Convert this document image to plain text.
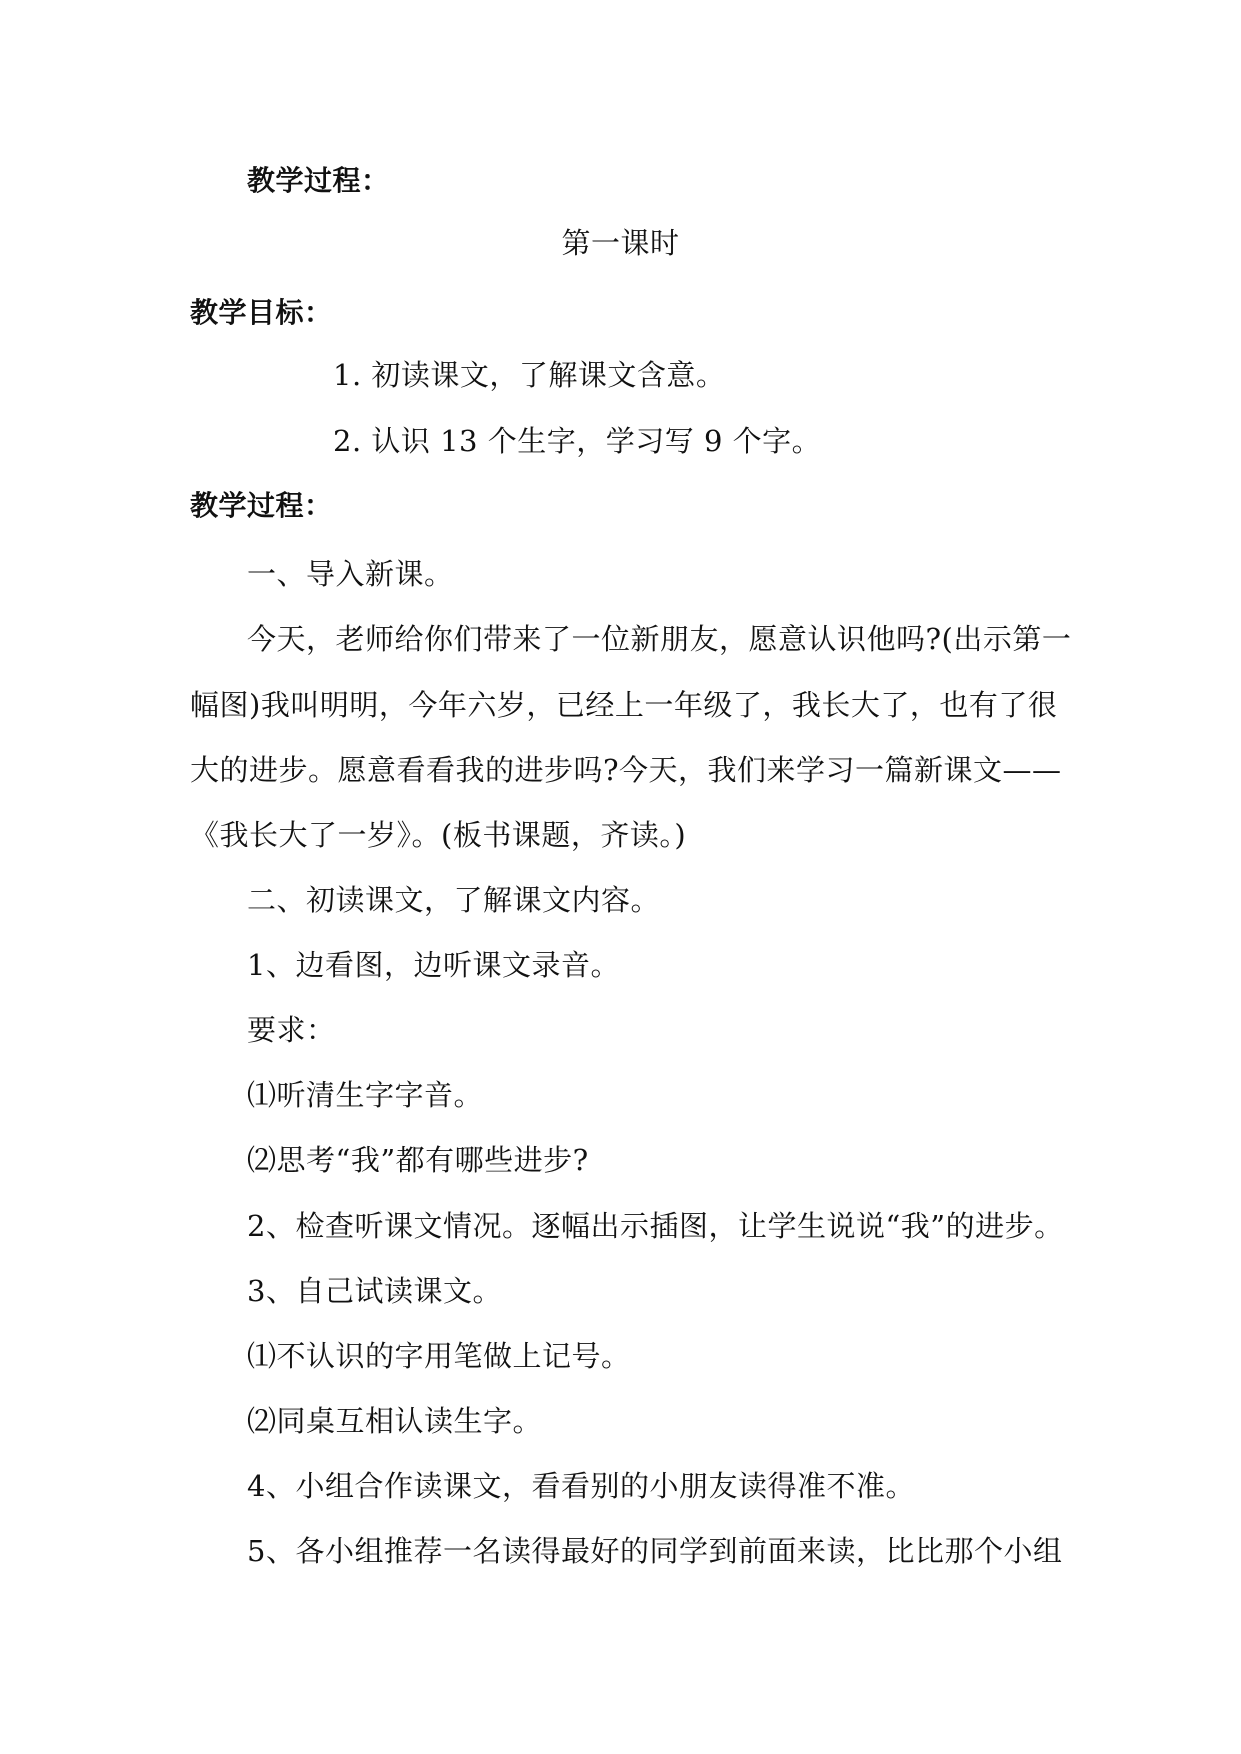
教学过程：
第一课时
教学目标：
1. 初读课文，了解课文含意。
2. 认识 13 个生字，学习写 9 个字。
教学过程：
一、导入新课。
今天，老师给你们带来了一位新朋友，愿意认识他吗?(出示第一
幅图)我叫明明，今年六岁，已经上一年级了，我长大了，也有了很
大的进步。愿意看看我的进步吗?今天，我们来学习一篇新课文——
《我长大了一岁》。(板书课题，齐读。)
二、初读课文，了解课文内容。
1、边看图，边听课文录音。
要求：
⑴听清生字字音。
⑵思考“我”都有哪些进步?
2、检查听课文情况。逐幅出示插图，让学生说说“我”的进步。
3、自己试读课文。
⑴不认识的字用笔做上记号。
⑵同桌互相认读生字。
4、小组合作读课文，看看别的小朋友读得准不准。
5、各小组推荐一名读得最好的同学到前面来读，比比那个小组
